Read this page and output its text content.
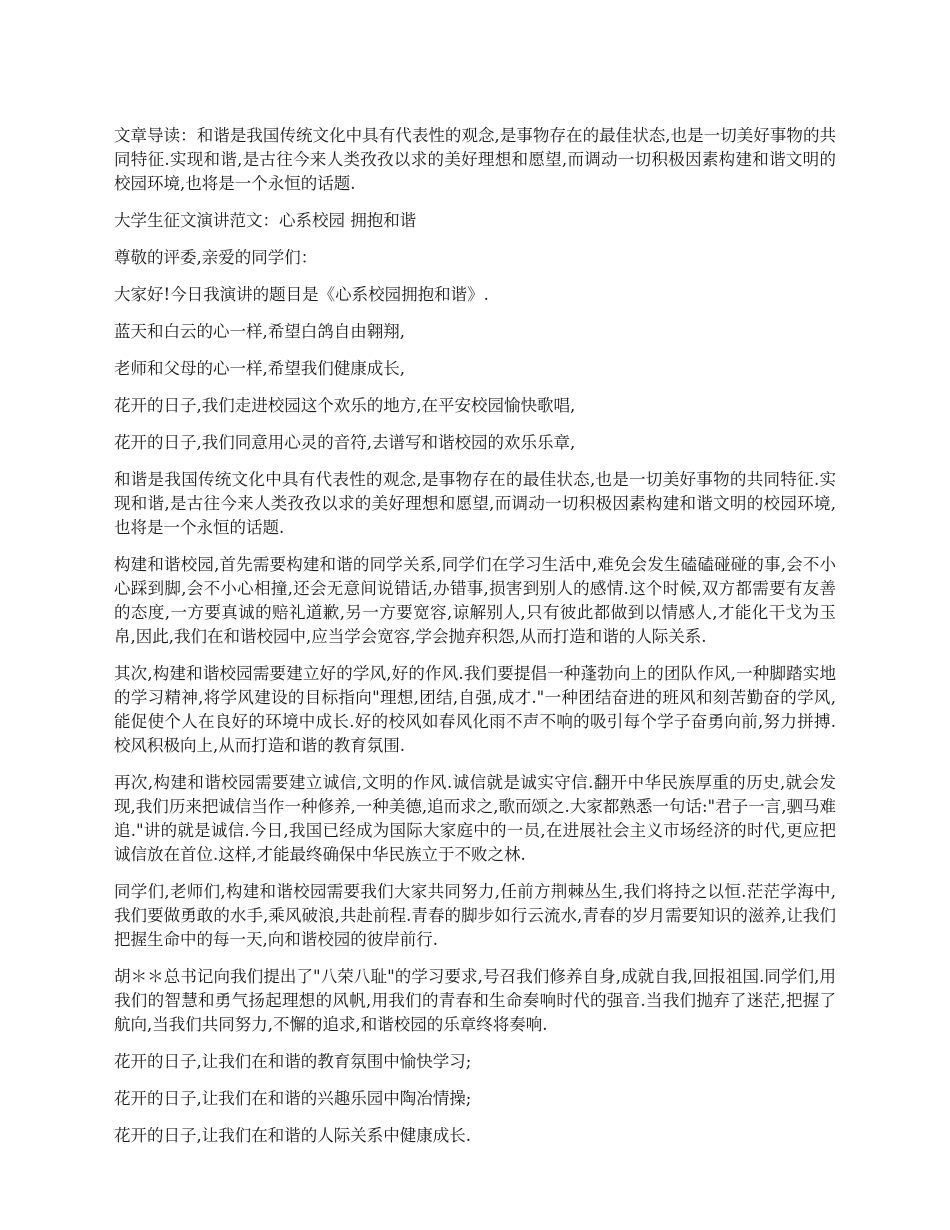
文章导读：和谐是我国传统文化中具有代表性的观念,是事物存在的最佳状态,也是一切美好事物的共同特征.实现和谐,是古往今来人类孜孜以求的美好理想和愿望,而调动一切积极因素构建和谐文明的校园环境,也将是一个永恒的话题.

大学生征文演讲范文：心系校园 拥抱和谐

尊敬的评委,亲爱的同学们：

大家好!今日我演讲的题目是《心系校园拥抱和谐》.

蓝天和白云的心一样,希望白鸽自由翱翔,

老师和父母的心一样,希望我们健康成长,

花开的日子,我们走进校园这个欢乐的地方,在平安校园愉快歌唱,

花开的日子,我们同意用心灵的音符,去谱写和谐校园的欢乐乐章,

和谐是我国传统文化中具有代表性的观念,是事物存在的最佳状态,也是一切美好事物的共同特征.实现和谐,是古往今来人类孜孜以求的美好理想和愿望,而调动一切积极因素构建和谐文明的校园环境,也将是一个永恒的话题.

构建和谐校园,首先需要构建和谐的同学关系,同学们在学习生活中,难免会发生磕磕碰碰的事,会不小心踩到脚,会不小心相撞,还会无意间说错话,办错事,损害到别人的感情.这个时候,双方都需要有友善的态度,一方要真诚的赔礼道歉,另一方要宽容,谅解别人,只有彼此都做到以情感人,才能化干戈为玉帛,因此,我们在和谐校园中,应当学会宽容,学会抛弃积怨,从而打造和谐的人际关系.

其次,构建和谐校园需要建立好的学风,好的作风.我们要提倡一种蓬勃向上的团队作风,一种脚踏实地的学习精神,将学风建设的目标指向"理想,团结,自强,成才."一种团结奋进的班风和刻苦勤奋的学风,能促使个人在良好的环境中成长.好的校风如春风化雨不声不响的吸引每个学子奋勇向前,努力拼搏.校风积极向上,从而打造和谐的教育氛围.

再次,构建和谐校园需要建立诚信,文明的作风.诚信就是诚实守信.翻开中华民族厚重的历史,就会发现,我们历来把诚信当作一种修养,一种美德,追而求之,歌而颂之.大家都熟悉一句话:"君子一言,驷马难追."讲的就是诚信.今日,我国已经成为国际大家庭中的一员,在进展社会主义市场经济的时代,更应把诚信放在首位.这样,才能最终确保中华民族立于不败之林.

同学们,老师们,构建和谐校园需要我们大家共同努力,任前方荆棘丛生,我们将持之以恒.茫茫学海中,我们要做勇敢的水手,乘风破浪,共赴前程.青春的脚步如行云流水,青春的岁月需要知识的滋养,让我们把握生命中的每一天,向和谐校园的彼岸前行.

胡＊＊总书记向我们提出了"八荣八耻"的学习要求,号召我们修养自身,成就自我,回报祖国.同学们,用我们的智慧和勇气扬起理想的风帆,用我们的青春和生命奏响时代的强音.当我们抛弃了迷茫,把握了航向,当我们共同努力,不懈的追求,和谐校园的乐章终将奏响.

花开的日子,让我们在和谐的教育氛围中愉快学习;

花开的日子,让我们在和谐的兴趣乐园中陶冶情操;

花开的日子,让我们在和谐的人际关系中健康成长.
